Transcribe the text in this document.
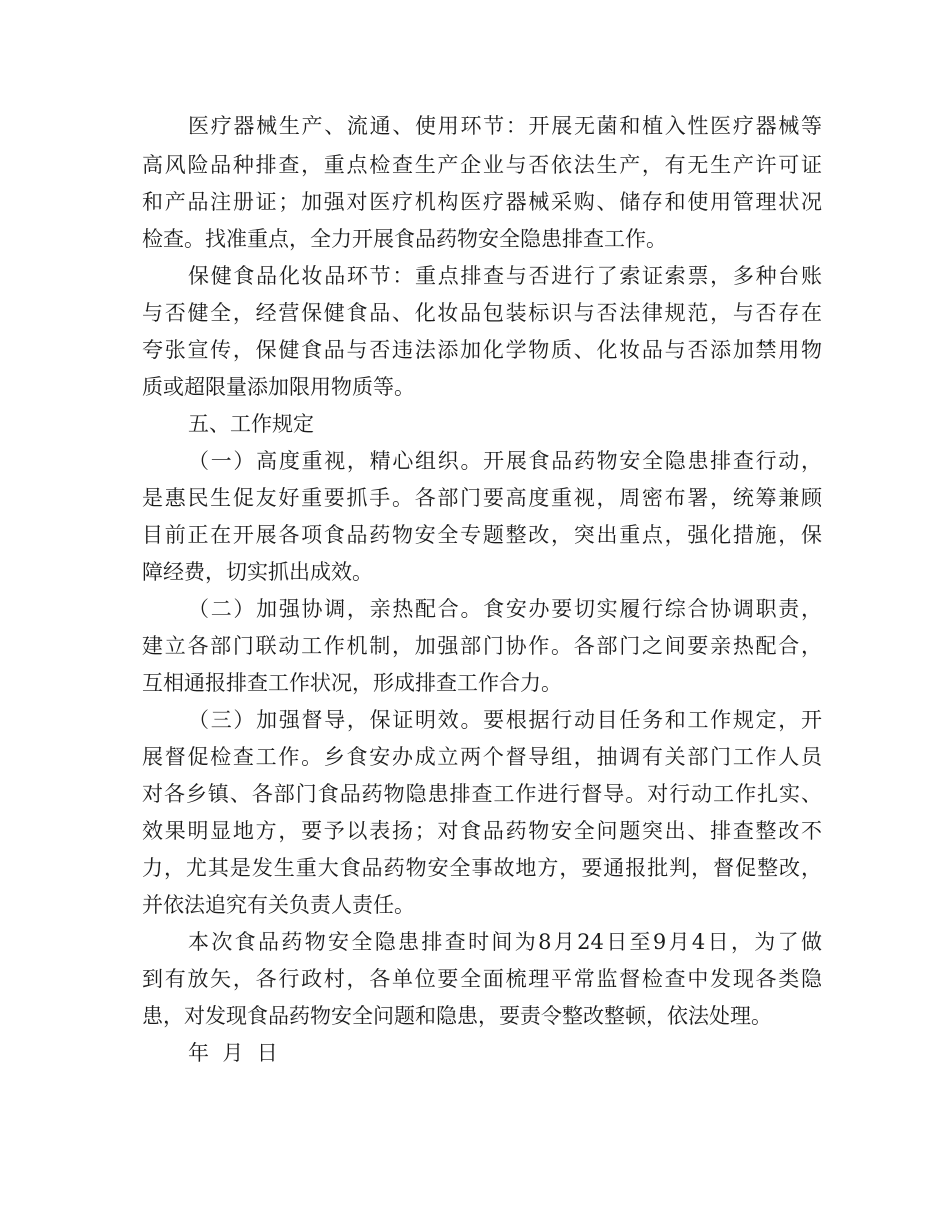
医疗器械生产、流通、使用环节：开展无菌和植入性医疗器械等
高风险品种排查，重点检查生产企业与否依法生产，有无生产许可证
和产品注册证；加强对医疗机构医疗器械采购、储存和使用管理状况
检查。找准重点，全力开展食品药物安全隐患排查工作。
保健食品化妆品环节：重点排查与否进行了索证索票，多种台账
与否健全，经营保健食品、化妆品包装标识与否法律规范，与否存在
夸张宣传，保健食品与否违法添加化学物质、化妆品与否添加禁用物
质或超限量添加限用物质等。
五、工作规定
（一）高度重视，精心组织。开展食品药物安全隐患排查行动，
是惠民生促友好重要抓手。各部门要高度重视，周密布署，统筹兼顾
目前正在开展各项食品药物安全专题整改，突出重点，强化措施，保
障经费，切实抓出成效。
（二）加强协调，亲热配合。食安办要切实履行综合协调职责，
建立各部门联动工作机制，加强部门协作。各部门之间要亲热配合，
互相通报排查工作状况，形成排查工作合力。
（三）加强督导，保证明效。要根据行动目任务和工作规定，开
展督促检查工作。乡食安办成立两个督导组，抽调有关部门工作人员
对各乡镇、各部门食品药物隐患排查工作进行督导。对行动工作扎实、
效果明显地方，要予以表扬；对食品药物安全问题突出、排查整改不
力，尤其是发生重大食品药物安全事故地方，要通报批判，督促整改，
并依法追究有关负责人责任。
本次食品药物安全隐患排查时间为8月24日至9月4日，为了做
到有放矢，各行政村，各单位要全面梳理平常监督检查中发现各类隐
患，对发现食品药物安全问题和隐患，要责令整改整顿，依法处理。
年  月  日
